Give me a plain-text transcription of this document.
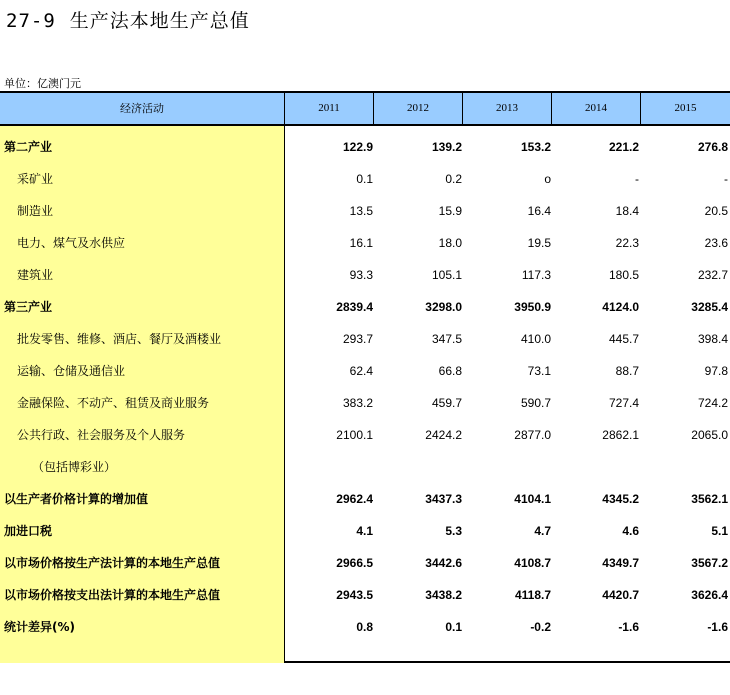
27-9 生产法本地生产总值
单位：亿澳门元
经济活动	2011	2012	2013	2014	2015
第二产业	122.9	139.2	153.2	221.2	276.8
采矿业	0.1	0.2	o	-	-
制造业	13.5	15.9	16.4	18.4	20.5
电力、煤气及水供应	16.1	18.0	19.5	22.3	23.6
建筑业	93.3	105.1	117.3	180.5	232.7
第三产业	2839.4	3298.0	3950.9	4124.0	3285.4
批发零售、维修、酒店、餐厅及酒楼业	293.7	347.5	410.0	445.7	398.4
运输、仓储及通信业	62.4	66.8	73.1	88.7	97.8
金融保险、不动产、租赁及商业服务	383.2	459.7	590.7	727.4	724.2
公共行政、社会服务及个人服务	2100.1	2424.2	2877.0	2862.1	2065.0
（包括博彩业）
以生产者价格计算的增加值	2962.4	3437.3	4104.1	4345.2	3562.1
加进口税	4.1	5.3	4.7	4.6	5.1
以市场价格按生产法计算的本地生产总值	2966.5	3442.6	4108.7	4349.7	3567.2
以市场价格按支出法计算的本地生产总值	2943.5	3438.2	4118.7	4420.7	3626.4
统计差异(%)	0.8	0.1	-0.2	-1.6	-1.6
